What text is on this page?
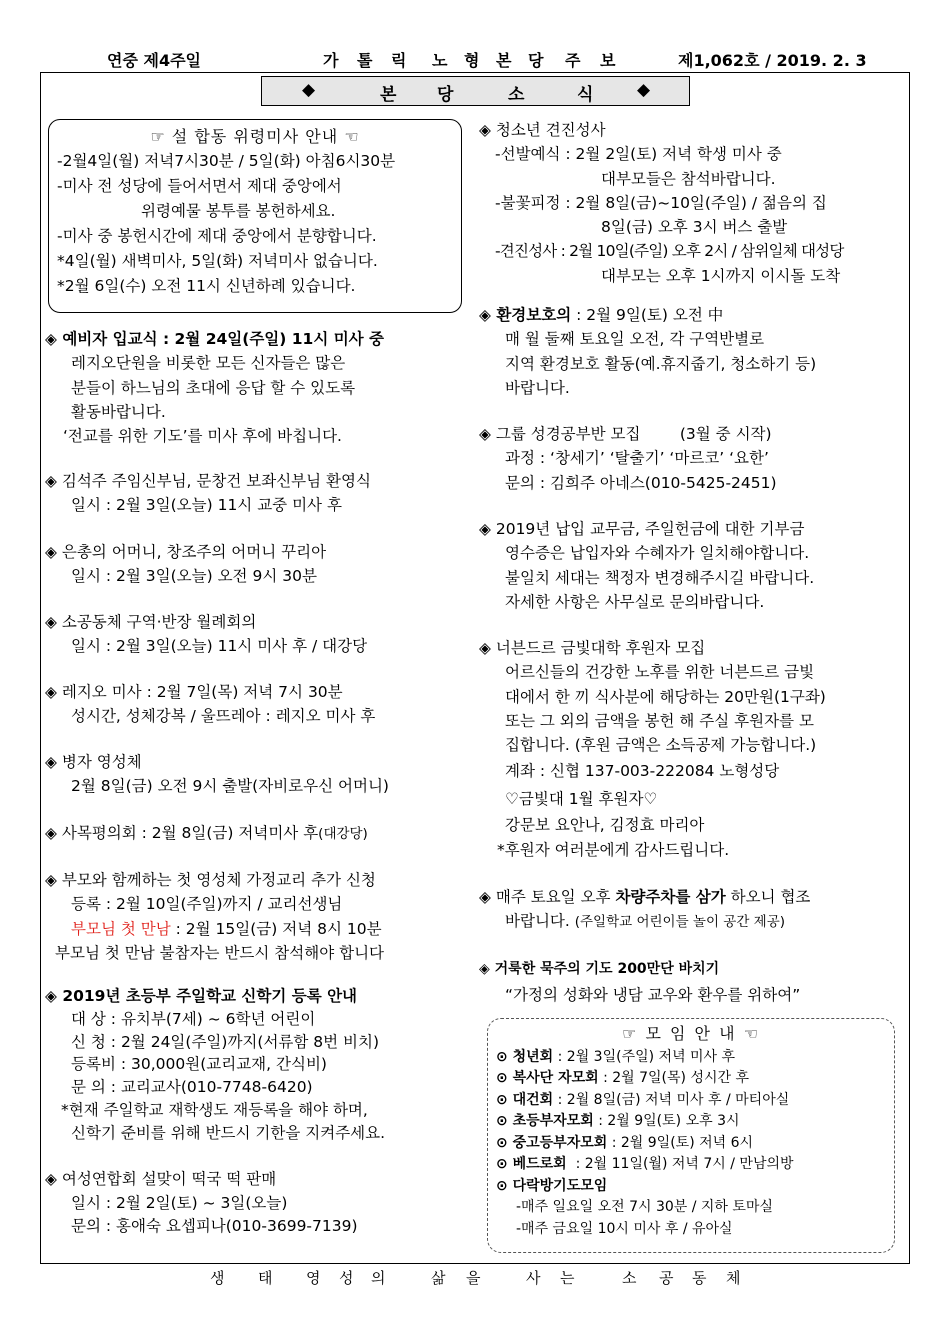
연중 제4주일	가 톨 릭 노 형 본 당 주 보	제1,062호 / 2019. 2. 3
◆	본 당	소	식	◆
☞ 설 합동 위령미사 안내 ☜
-2월4일(월) 저녁7시30분 / 5일(화) 아침6시30분
-미사 전 성당에 들어서면서 제대 중앙에서
위령예물 봉투를 봉헌하세요.
-미사 중 봉헌시간에 제대 중앙에서 분향합니다.
*4일(월) 새벽미사, 5일(화) 저녁미사 없습니다.
*2월 6일(수) 오전 11시 신년하례 있습니다.
◈ 예비자 입교식 : 2월 24일(주일) 11시 미사 중
레지오단원을 비롯한 모든 신자들은 많은
분들이 하느님의 초대에 응답 할 수 있도록
활동바랍니다.
‘전교를 위한 기도’를 미사 후에 바칩니다.
◈ 김석주 주임신부님, 문창건 보좌신부님 환영식
일시 : 2월 3일(오늘) 11시 교중 미사 후
◈ 은총의 어머니, 창조주의 어머니 꾸리아
일시 : 2월 3일(오늘) 오전 9시 30분
◈ 소공동체 구역·반장 월례회의
일시 : 2월 3일(오늘) 11시 미사 후 / 대강당
◈ 레지오 미사 : 2월 7일(목) 저녁 7시 30분
성시간, 성체강복 / 울뜨레아 : 레지오 미사 후
◈ 병자 영성체
2월 8일(금) 오전 9시 출발(자비로우신 어머니)
◈ 사목평의회 : 2월 8일(금) 저녁미사 후(대강당)
◈ 부모와 함께하는 첫 영성체 가정교리 추가 신청
등록 : 2월 10일(주일)까지 / 교리선생님
부모님 첫 만남 : 2월 15일(금) 저녁 8시 10분
부모님 첫 만남 불참자는 반드시 참석해야 합니다
◈ 2019년 초등부 주일학교 신학기 등록 안내
대 상 : 유치부(7세) ~ 6학년 어린이
신 청 : 2월 24일(주일)까지(서류함 8번 비치)
등록비 : 30,000원(교리교재, 간식비)
문 의 : 교리교사(010-7748-6420)
*현재 주일학교 재학생도 재등록을 해야 하며,
신학기 준비를 위해 반드시 기한을 지켜주세요.
◈ 여성연합회 설맞이 떡국 떡 판매
일시 : 2월 2일(토) ~ 3일(오늘)
문의 : 홍애숙 요셉피나(010-3699-7139)
◈ 청소년 견진성사
-선발예식 : 2월 2일(토) 저녁 학생 미사 중
대부모들은 참석바랍니다.
-불꽃피정 : 2월 8일(금)~10일(주일) / 젊음의 집
8일(금) 오후 3시 버스 출발
-견진성사 : 2월 10일(주일) 오후 2시 / 삼위일체 대성당
대부모는 오후 1시까지 이시돌 도착
◈ 환경보호의 : 2월 9일(토) 오전 中
매 월 둘째 토요일 오전, 각 구역반별로
지역 환경보호 활동(예.휴지줍기, 청소하기 등)
바랍니다.
◈ 그룹 성경공부반 모집        (3월 중 시작)
과정 : ‘창세기’ ‘탈출기’ ‘마르코’ ‘요한’
문의 : 김희주 아네스(010-5425-2451)
◈ 2019년 납입 교무금, 주일헌금에 대한 기부금
영수증은 납입자와 수혜자가 일치해야합니다.
불일치 세대는 책정자 변경해주시길 바랍니다.
자세한 사항은 사무실로 문의바랍니다.
◈ 너븐드르 금빛대학 후원자 모집
어르신들의 건강한 노후를 위한 너븐드르 금빛
대에서 한 끼 식사분에 해당하는 20만원(1구좌)
또는 그 외의 금액을 봉헌 해 주실 후원자를 모
집합니다. (후원 금액은 소득공제 가능합니다.)
계좌 : 신협 137-003-222084 노형성당
♡금빛대 1월 후원자♡
강문보 요안나, 김정효 마리아
*후원자 여러분에게 감사드립니다.
◈ 매주 토요일 오후 차량주차를 삼가 하오니 협조
바랍니다. (주일학교 어린이들 놀이 공간 제공)
◈ 거룩한 묵주의 기도 200만단 바치기
“가정의 성화와 냉담 교우와 환우를 위하여”
☞ 모 임 안 내 ☜
⊙ 청년회 : 2월 3일(주일) 저녁 미사 후
⊙ 복사단 자모회 : 2월 7일(목) 성시간 후
⊙ 대건회 : 2월 8일(금) 저녁 미사 후 / 마티아실
⊙ 초등부자모회 : 2월 9일(토) 오후 3시
⊙ 중고등부자모회 : 2월 9일(토) 저녁 6시
⊙ 베드로회  : 2월 11일(월) 저녁 7시 / 만남의방
⊙ 다락방기도모임
-매주 일요일 오전 7시 30분 / 지하 토마실
-매주 금요일 10시 미사 후 / 유아실
생 태 영 성 의	삶 을	사 는	소 공 동 체
